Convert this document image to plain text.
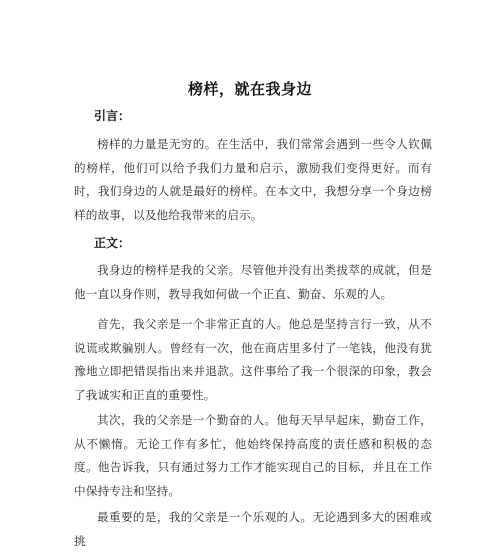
榜样，就在我身边
引言：
榜样的力量是无穷的。在生活中，我们常常会遇到一些令人钦佩的榜样，他们可以给予我们力量和启示，激励我们变得更好。而有时，我们身边的人就是最好的榜样。在本文中，我想分享一个身边榜样的故事，以及他给我带来的启示。
正文：
我身边的榜样是我的父亲。尽管他并没有出类拔萃的成就，但是他一直以身作则，教导我如何做一个正直、勤奋、乐观的人。
首先，我父亲是一个非常正直的人。他总是坚持言行一致，从不说谎或欺骗别人。曾经有一次，他在商店里多付了一笔钱，他没有犹豫地立即把错误指出来并退款。这件事给了我一个很深的印象，教会了我诚实和正直的重要性。
其次，我的父亲是一个勤奋的人。他每天早早起床，勤奋工作，从不懒惰。无论工作有多忙，他始终保持高度的责任感和积极的态度。他告诉我，只有通过努力工作才能实现自己的目标，并且在工作中保持专注和坚持。
最重要的是，我的父亲是一个乐观的人。无论遇到多大的困难或挑
